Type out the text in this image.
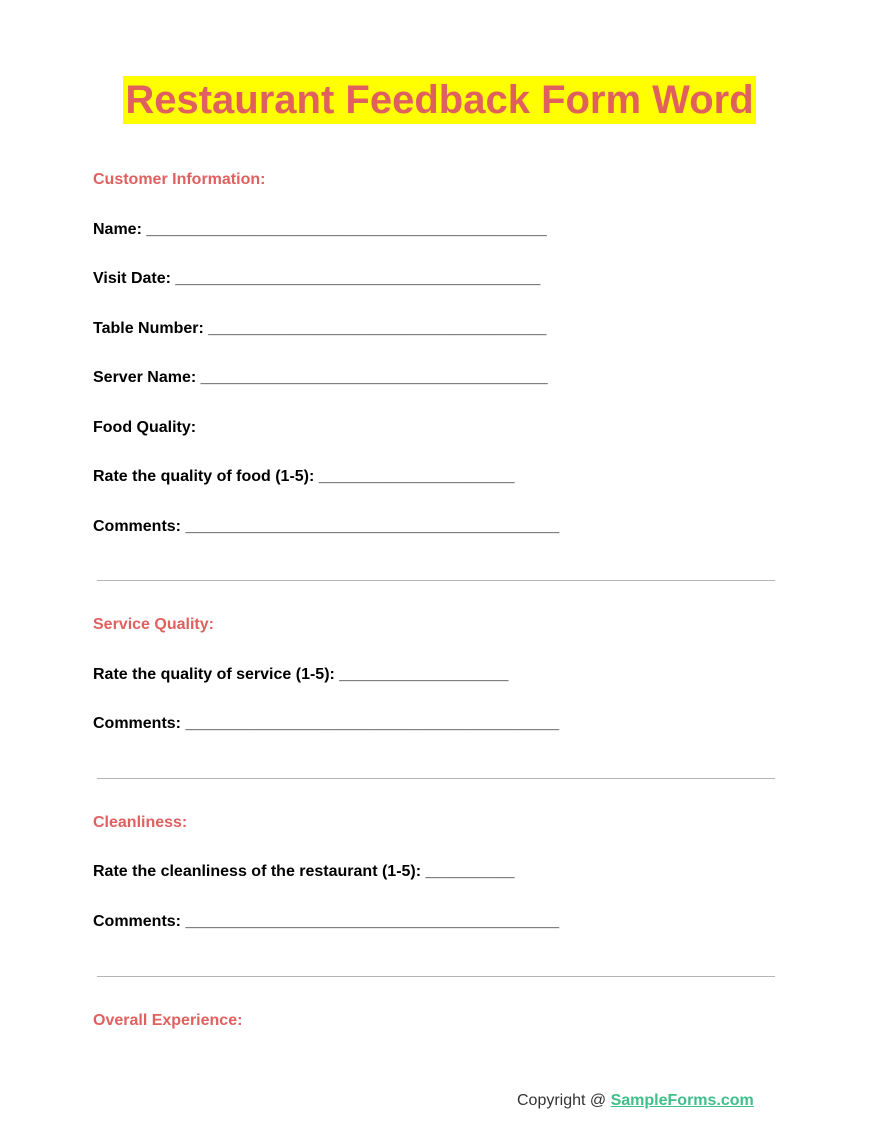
Restaurant Feedback Form Word
Customer Information:
Name: _____________________________________________
Visit Date: _________________________________________
Table Number: ______________________________________
Server Name: _______________________________________
Food Quality:
Rate the quality of food (1-5): ______________________
Comments: __________________________________________
Service Quality:
Rate the quality of service (1-5): ___________________
Comments: __________________________________________
Cleanliness:
Rate the cleanliness of the restaurant (1-5): __________
Comments: __________________________________________
Overall Experience:
Copyright @ SampleForms.com
